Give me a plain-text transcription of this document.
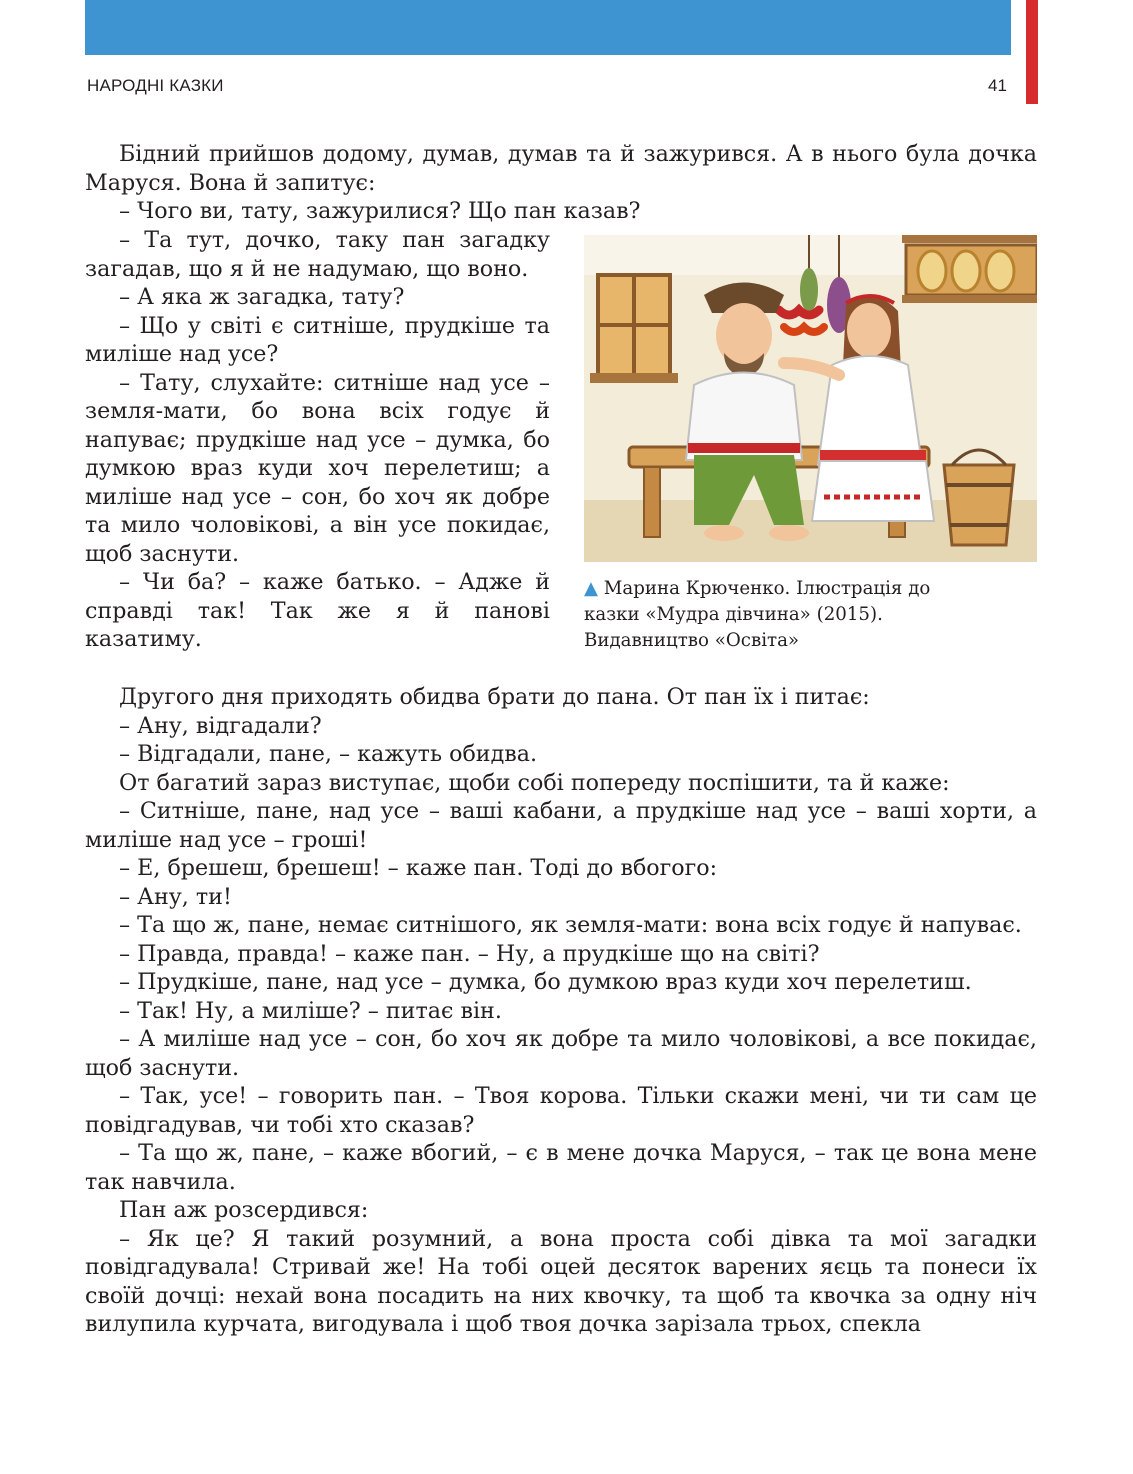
НАРОДНІ КАЗКИ	41

Бідний прийшов додому, думав, думав та й зажурився. А в нього була дочка Маруся. Вона й запитує:

– Чого ви, тату, зажурилися? Що пан казав?

– Та тут, дочко, таку пан загадку загадав, що я й не надумаю, що воно.

– А яка ж загадка, тату?

– Що у світі є ситніше, прудкіше та миліше над усе?

– Тату, слухайте: ситніше над усе – земля-мати, бо вона всіх годує й напуває; прудкіше над усе – думка, бо думкою враз куди хоч перелетиш; а миліше над усе – сон, бо хоч як добре та мило чоловікові, а він усе покидає, щоб заснути.

– Чи ба? – каже батько. – Адже й справді так! Так же я й панові казатиму.

▲ Марина Крюченко. Ілюстрація до
казки «Мудра дівчина» (2015).
Видавництво «Освіта»

Другого дня приходять обидва брати до пана. От пан їх і питає:

– Ану, відгадали?

– Відгадали, пане, – кажуть обидва.

От багатий зараз виступає, щоби собі попереду поспішити, та й каже:

– Ситніше, пане, над усе – ваші кабани, а прудкіше над усе – ваші хорти, а миліше над усе – гроші!

– Е, брешеш, брешеш! – каже пан. Тоді до вбогого:

– Ану, ти!

– Та що ж, пане, немає ситнішого, як земля-мати: вона всіх годує й напуває.

– Правда, правда! – каже пан. – Ну, а прудкіше що на світі?

– Прудкіше, пане, над усе – думка, бо думкою враз куди хоч перелетиш.

– Так! Ну, а миліше? – питає він.

– А миліше над усе – сон, бо хоч як добре та мило чоловікові, а все покидає, щоб заснути.

– Так, усе! – говорить пан. – Твоя корова. Тільки скажи мені, чи ти сам це повідгадував, чи тобі хто сказав?

– Та що ж, пане, – каже вбогий, – є в мене дочка Маруся, – так це вона мене так навчила.

Пан аж розсердився:

– Як це? Я такий розумний, а вона проста собі дівка та мої загадки повідгадувала! Стривай же! На тобі оцей десяток варених яєць та понеси їх своїй дочці: нехай вона посадить на них квочку, та щоб та квочка за одну ніч вилупила курчата, вигодувала і щоб твоя дочка зарізала трьох, спекла
